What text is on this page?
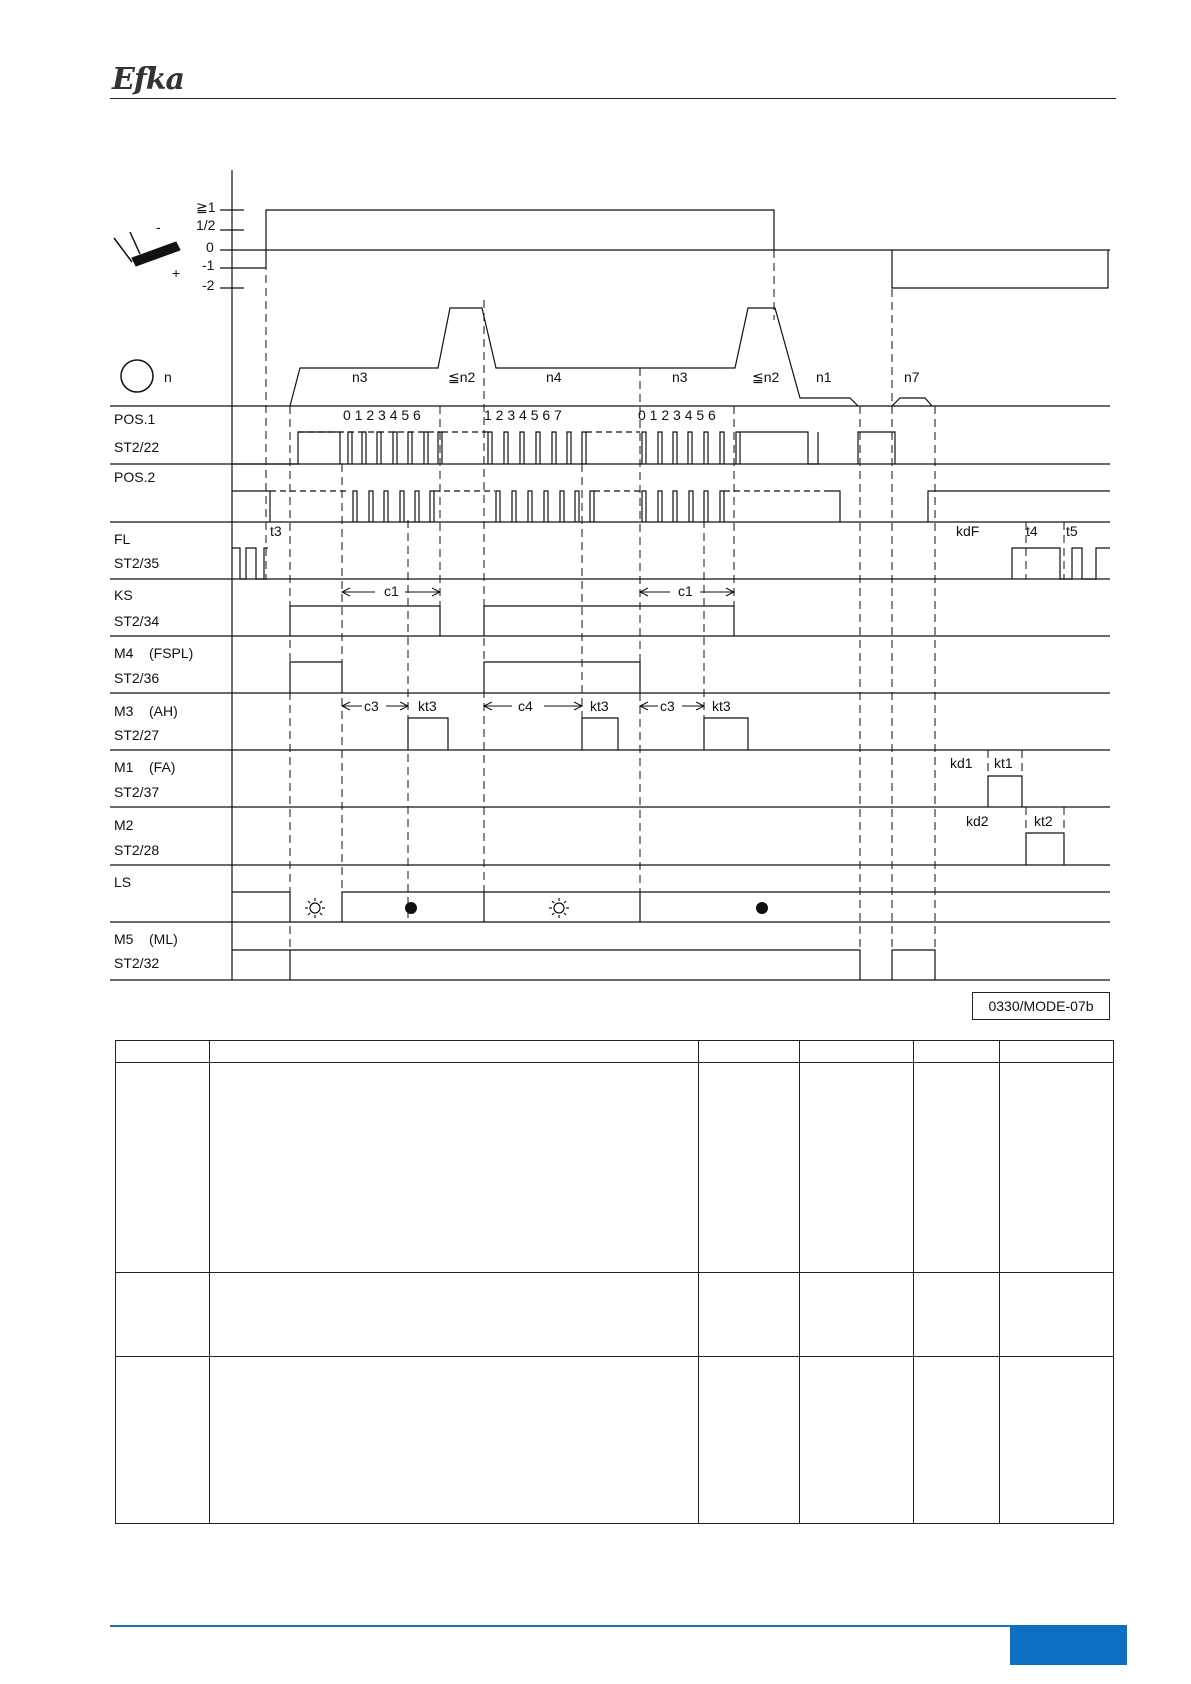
Efka
-
+
≧1
1/2
0
-1
-2
n	n3	≦n2	n4	n3	≦n2	n1	n7
0 1 2 3 4 5 6	1 2 3 4 5 6 7	0 1 2 3 4 5 6
POS.1
ST2/22
POS.2
FL
ST2/35
KS
ST2/34
M4    (FSPL)
ST2/36
M3    (AH)
ST2/27
M1    (FA)
ST2/37
M2
ST2/28
LS
M5    (ML)
ST2/32
t3	kdF	t4 t5
c1	c1
c3	kt3	c4	kt3	c3	kt3
kd1 kt1
kd2	kt2
0330/MODE-07b
